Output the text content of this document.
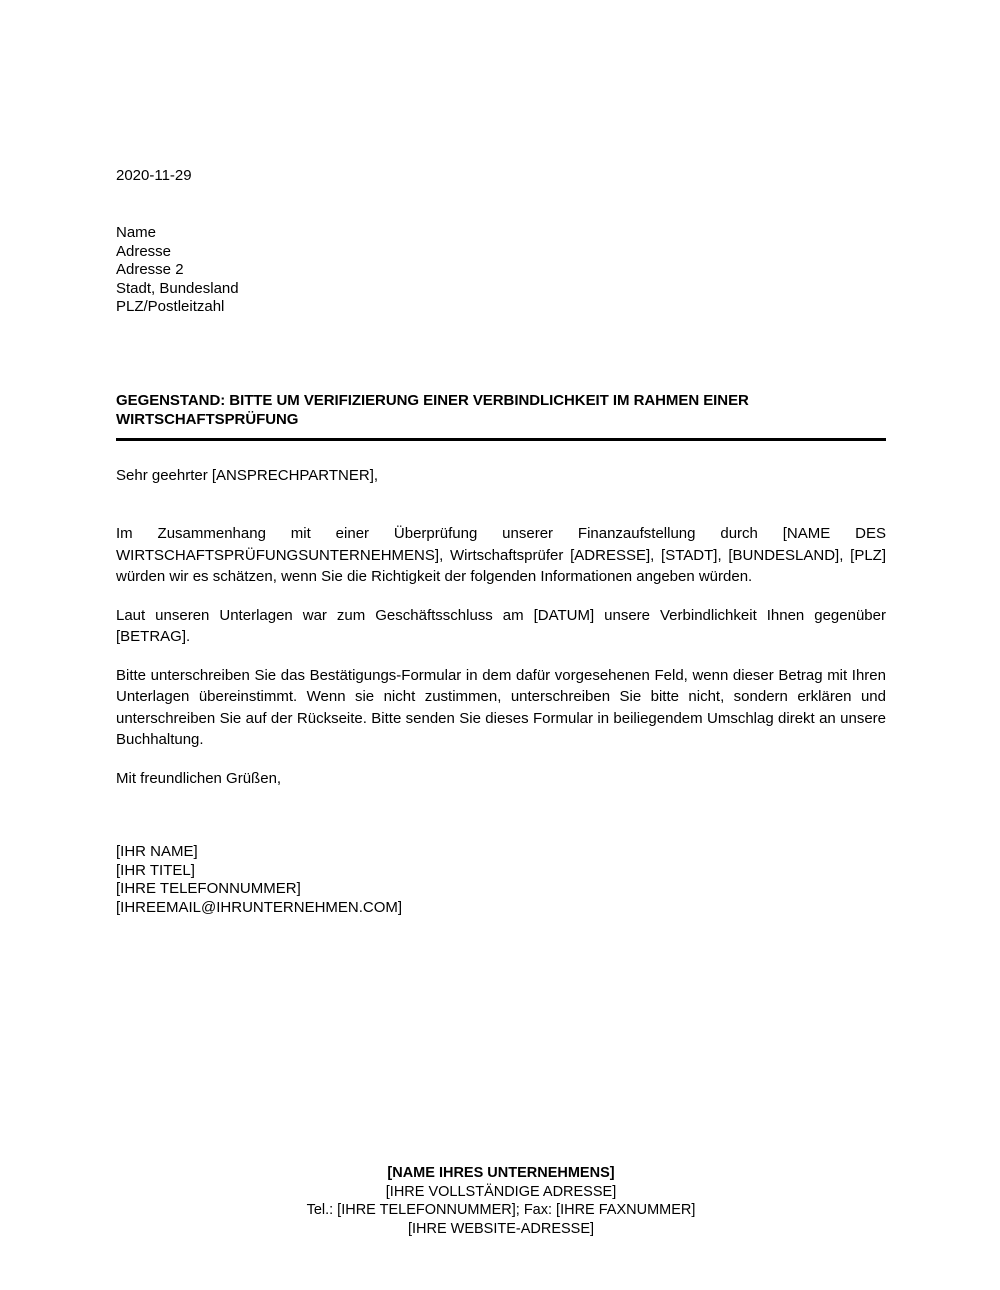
2020-11-29
Name
Adresse
Adresse 2
Stadt, Bundesland
PLZ/Postleitzahl
GEGENSTAND: BITTE UM VERIFIZIERUNG EINER VERBINDLICHKEIT IM RAHMEN EINER WIRTSCHAFTSPRÜFUNG
Sehr geehrter [ANSPRECHPARTNER],

Im Zusammenhang mit einer Überprüfung unserer Finanzaufstellung durch [NAME DES WIRTSCHAFTSPRÜFUNGSUNTERNEHMENS], Wirtschaftsprüfer [ADRESSE], [STADT], [BUNDESLAND], [PLZ] würden wir es schätzen, wenn Sie die Richtigkeit der folgenden Informationen angeben würden.

Laut unseren Unterlagen war zum Geschäftsschluss am [DATUM] unsere Verbindlichkeit Ihnen gegenüber [BETRAG].

Bitte unterschreiben Sie das Bestätigungs-Formular in dem dafür vorgesehenen Feld, wenn dieser Betrag mit Ihren Unterlagen übereinstimmt. Wenn sie nicht zustimmen, unterschreiben Sie bitte nicht, sondern erklären und unterschreiben Sie auf der Rückseite. Bitte senden Sie dieses Formular in beiliegendem Umschlag direkt an unsere Buchhaltung.

Mit freundlichen Grüßen,

[IHR NAME]
[IHR TITEL]
[IHRE TELEFONNUMMER]
[IHREEMAIL@IHRUNTERNEHMEN.COM]
[NAME IHRES UNTERNEHMENS]
[IHRE VOLLSTÄNDIGE ADRESSE]
Tel.: [IHRE TELEFONNUMMER]; Fax: [IHRE FAXNUMMER]
[IHRE WEBSITE-ADRESSE]
